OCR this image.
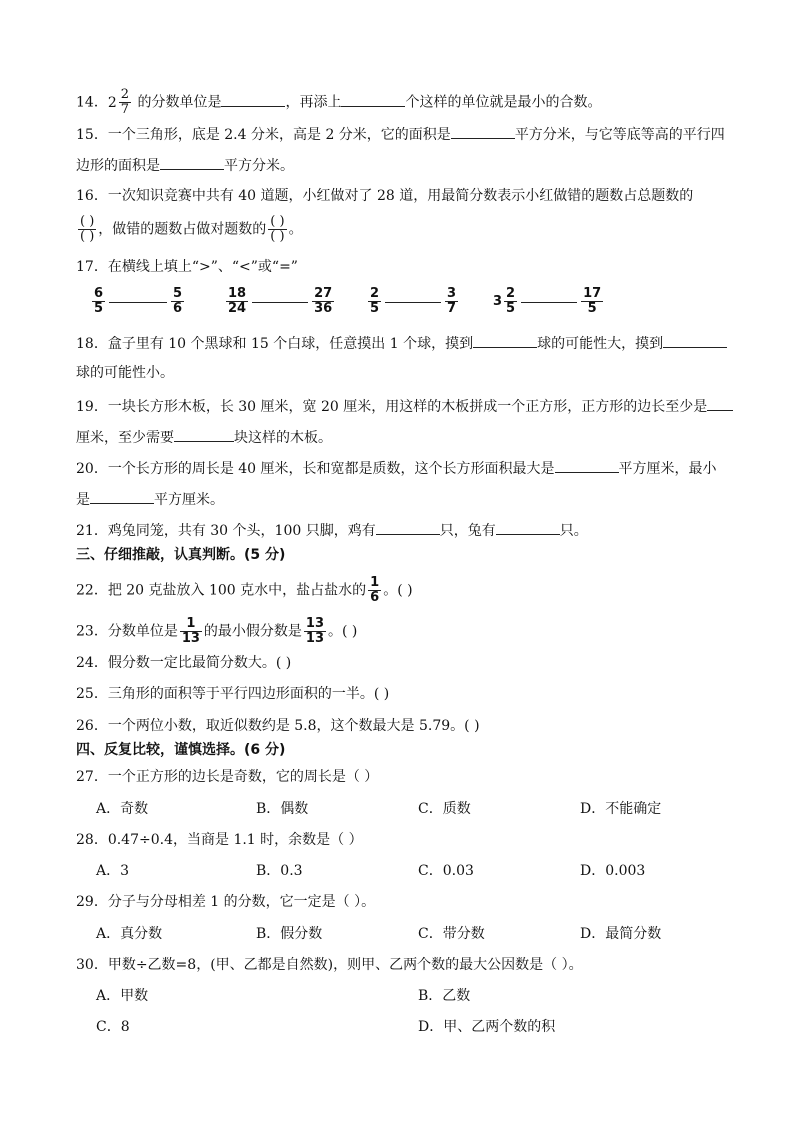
14． 2 2
7 的分数单位是	，再添上	个这样的单位就是最小的合数。
15．一个三角形，底是 2.4 分米，高是 2 分米，它的面积是	平方分米，与它等底等高的平行四
边形的面积是	平方分米。
16．一次知识竞赛中共有 40 道题，小红做对了 28 道，用最简分数表示小红做错的题数占总题数的
( )
( ) ，做错的题数占做对题数的 ( )
( ) 。
17．在横线上填上“>”、“<”或“=”
6
5
5
6
18
24
27
36
2
5
3
7	3
2
5
17
5
18．盒子里有 10 个黑球和 15 个白球，任意摸出 1 个球，摸到	球的可能性大，摸到
球的可能性小。
19．一块长方形木板，长 30 厘米，宽 20 厘米，用这样的木板拼成一个正方形，正方形的边长至少是
厘米，至少需要	块这样的木板。
20．一个长方形的周长是 40 厘米，长和宽都是质数，这个长方形面积最大是	平方厘米，最小
是	平方厘米。
21．鸡兔同笼，共有 30 个头，100 只脚，鸡有	只，兔有	只。
三、仔细推敲，认真判断。(5 分)
22．把 20 克盐放入 100 克水中，盐占盐水的 $\frac{1}{6}$ 。( )
23．分数单位是 $\frac{1}{13}$ 的最小假分数是 $\frac{13}{13}$ 。( )
24．假分数一定比最简分数大。( )
25．三角形的面积等于平行四边形面积的一半。( )
26．一个两位小数，取近似数约是 5.8，这个数最大是 5.79。( )
四、反复比较，谨慎选择。(6 分)
27．一个正方形的边长是奇数，它的周长是（ ）
A．奇数	B．偶数	C．质数	D．不能确定
28．0.47÷0.4，当商是 1.1 时，余数是（ ）
A．3	B．0.3	C．0.03	D．0.003
29．分子与分母相差 1 的分数，它一定是（ ）。
A．真分数	B．假分数	C．带分数	D．最简分数
30．甲数÷乙数=8，(甲、乙都是自然数)，则甲、乙两个数的最大公因数是（ ）。
A．甲数	B．乙数
C．8	D．甲、乙两个数的积
